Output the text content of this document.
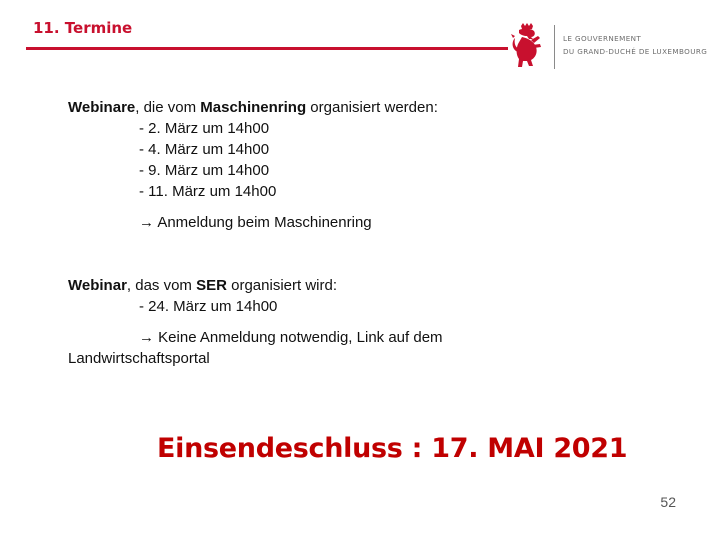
11. Termine
LE GOUVERNEMENT
DU GRAND-DUCHÉ DE LUXEMBOURG
Webinare, die vom Maschinenring organisiert werden:
- 2. März um 14h00
- 4. März um 14h00
- 9. März um 14h00
- 11. März um 14h00
→ Anmeldung beim Maschinenring
Webinar, das vom SER organisiert wird:
- 24. März um 14h00
→ Keine Anmeldung notwendig, Link auf dem
Landwirtschaftsportal
Einsendeschluss : 17. MAI 2021
52
